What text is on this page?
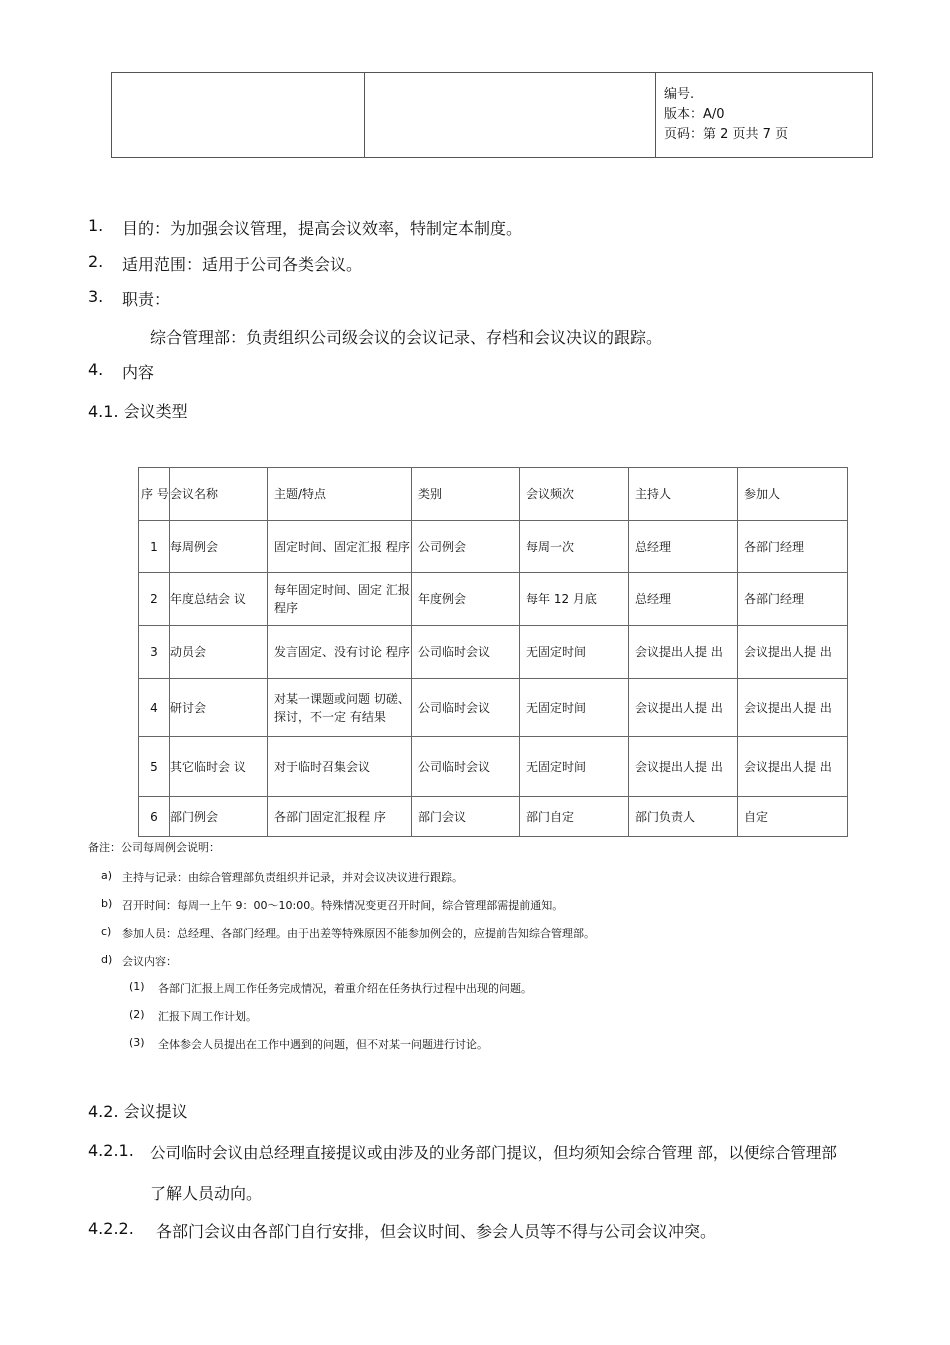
编号.
版本：A/0
页码：第 2 页共 7 页
1. 目的：为加强会议管理，提高会议效率，特制定本制度。
2. 适用范围：适用于公司各类会议。
3. 职责：
综合管理部：负责组织公司级会议的会议记录、存档和会议决议的跟踪。
4. 内容
4.1. 会议类型
序 号	会议名称	主题/特点	类别	会议频次	主持人	参加人
1	每周例会	固定时间、固定汇报 程序	公司例会	每周一次	总经理	各部门经理
2	年度总结会 议	每年固定时间、固定 汇报程序	年度例会	每年 12 月底	总经理	各部门经理
3	动员会	发言固定、没有讨论 程序	公司临时会议	无固定时间	会议提出人提 出	会议提出人提 出
4	研讨会	对某一课题或问题 切磋、探讨，不一定 有结果	公司临时会议	无固定时间	会议提出人提 出	会议提出人提 出
5	其它临时会 议	对于临时召集会议	公司临时会议	无固定时间	会议提出人提 出	会议提出人提 出
6	部门例会	各部门固定汇报程 序	部门会议	部门自定	部门负责人	自定
备注：公司每周例会说明：
a) 主持与记录：由综合管理部负责组织并记录，并对会议决议进行跟踪。
b) 召开时间：每周一上午 9：00～10:00。特殊情况变更召开时间，综合管理部需提前通知。
c) 参加人员：总经理、各部门经理。由于出差等特殊原因不能参加例会的，应提前告知综合管理部。
d) 会议内容：
(1) 各部门汇报上周工作任务完成情况，着重介绍在任务执行过程中出现的问题。
(2) 汇报下周工作计划。
(3) 全体参会人员提出在工作中遇到的问题，但不对某一问题进行讨论。
4.2. 会议提议
4.2.1. 公司临时会议由总经理直接提议或由涉及的业务部门提议，但均须知会综合管理 部，以便综合管理部
了解人员动向。
4.2.2. 各部门会议由各部门自行安排，但会议时间、参会人员等不得与公司会议冲突。
